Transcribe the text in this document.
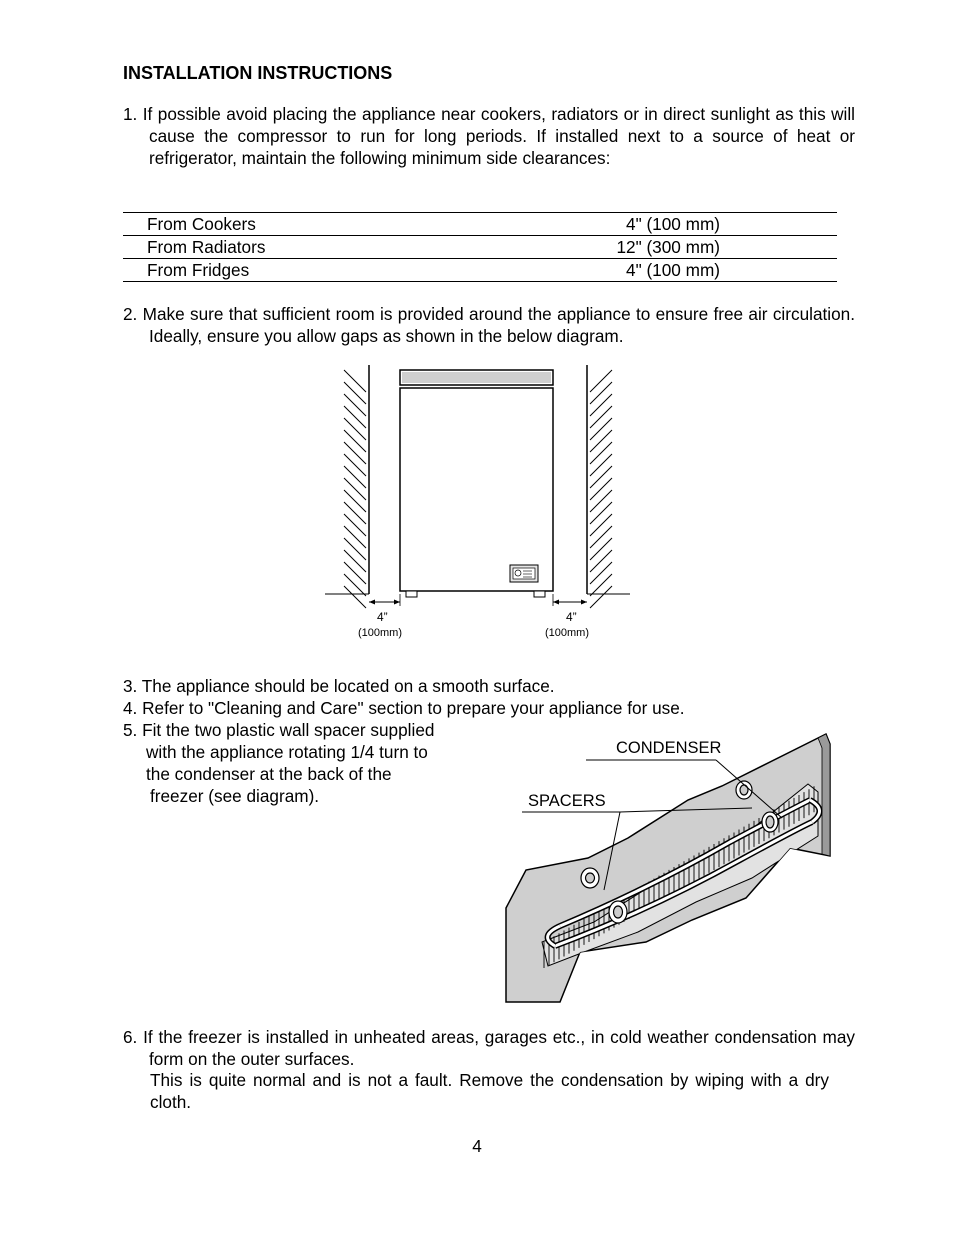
INSTALLATION INSTRUCTIONS
1. If possible avoid placing the appliance near cookers, radiators or in direct sunlight as this will cause the compressor to run for long periods. If installed next to a source of heat or refrigerator, maintain the following minimum side clearances:
From Cookers	4" (100 mm)
From Radiators	12" (300 mm)
From Fridges	4" (100 mm)
2. Make sure that sufficient room is provided around the appliance to ensure free air circulation. Ideally, ensure you allow gaps as shown in the below diagram.
4”
(100mm)
4”
(100mm)
3. The appliance should be located on a smooth surface.
4. Refer to "Cleaning and Care" section to prepare your appliance for use.
5. Fit the two plastic wall spacer supplied
with the appliance rotating 1/4 turn to
the condenser at the back of the
freezer (see diagram).
CONDENSER
SPACERS
6. If the freezer is installed in unheated areas, garages etc., in cold weather condensation may form on the outer surfaces.
This is quite normal and is not a fault. Remove the condensation by wiping with a dry cloth.
4
